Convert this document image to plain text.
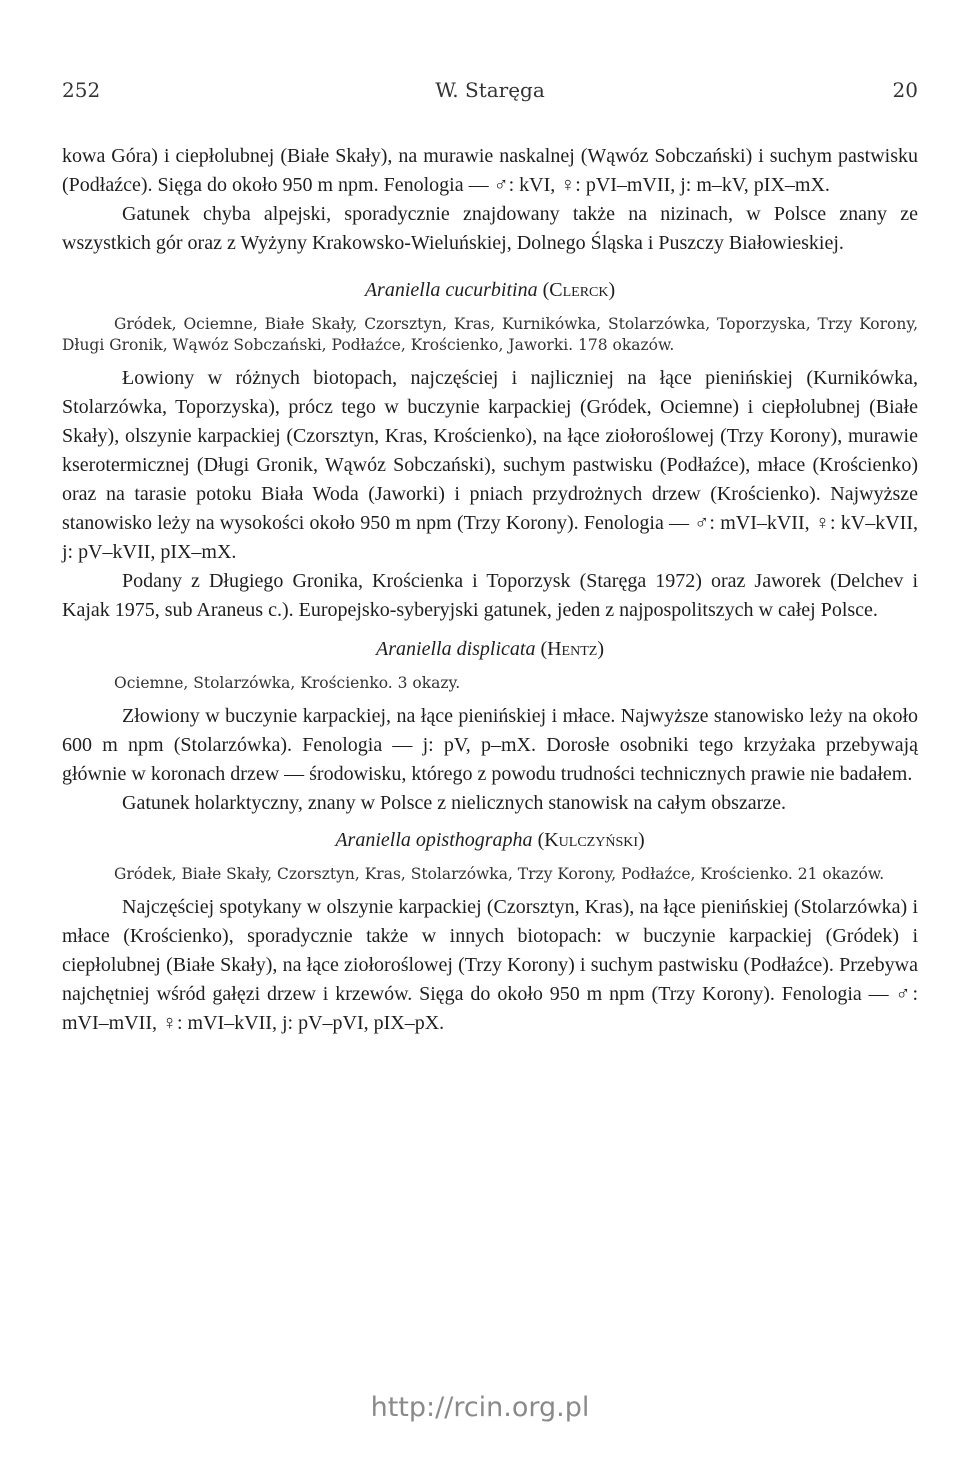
252	W. Staręga	20

kowa Góra) i ciepłolubnej (Białe Skały), na murawie naskalnej (Wąwóz Sobczański) i suchym pastwisku (Podłaźce). Sięga do około 950 m npm. Fenologia — ♂: kVI, ♀: pVI–mVII, j: m–kV, pIX–mX.

Gatunek chyba alpejski, sporadycznie znajdowany także na nizinach, w Polsce znany ze wszystkich gór oraz z Wyżyny Krakowsko-Wieluńskiej, Dolnego Śląska i Puszczy Białowieskiej.

Araniella cucurbitina (Clerck)

Gródek, Ociemne, Białe Skały, Czorsztyn, Kras, Kurnikówka, Stolarzówka, Toporzyska, Trzy Korony, Długi Gronik, Wąwóz Sobczański, Podłaźce, Krościenko, Jaworki. 178 okazów.

Łowiony w różnych biotopach, najczęściej i najliczniej na łące pienińskiej (Kurnikówka, Stolarzówka, Toporzyska), prócz tego w buczynie karpackiej (Gródek, Ociemne) i ciepłolubnej (Białe Skały), olszynie karpackiej (Czorsztyn, Kras, Krościenko), na łące ziołoroślowej (Trzy Korony), murawie kserotermicznej (Długi Gronik, Wąwóz Sobczański), suchym pastwisku (Podłaźce), młace (Krościenko) oraz na tarasie potoku Biała Woda (Jaworki) i pniach przydrożnych drzew (Krościenko). Najwyższe stanowisko leży na wysokości około 950 m npm (Trzy Korony). Fenologia — ♂: mVI–kVII, ♀: kV–kVII, j: pV–kVII, pIX–mX.

Podany z Długiego Gronika, Krościenka i Toporzysk (Staręga 1972) oraz Jaworek (Delchev i Kajak 1975, sub Araneus c.). Europejsko-syberyjski gatunek, jeden z najpospolitszych w całej Polsce.

Araniella displicata (Hentz)

Ociemne, Stolarzówka, Krościenko. 3 okazy.

Złowiony w buczynie karpackiej, na łące pienińskiej i młace. Najwyższe stanowisko leży na około 600 m npm (Stolarzówka). Fenologia — j: pV, p–mX. Dorosłe osobniki tego krzyżaka przebywają głównie w koronach drzew — środowisku, którego z powodu trudności technicznych prawie nie badałem.

Gatunek holarktyczny, znany w Polsce z nielicznych stanowisk na całym obszarze.

Araniella opisthographa (Kulczyński)

Gródek, Białe Skały, Czorsztyn, Kras, Stolarzówka, Trzy Korony, Podłaźce, Krościenko. 21 okazów.

Najczęściej spotykany w olszynie karpackiej (Czorsztyn, Kras), na łące pienińskiej (Stolarzówka) i młace (Krościenko), sporadycznie także w innych biotopach: w buczynie karpackiej (Gródek) i ciepłolubnej (Białe Skały), na łące ziołoroślowej (Trzy Korony) i suchym pastwisku (Podłaźce). Przebywa najchętniej wśród gałęzi drzew i krzewów. Sięga do około 950 m npm (Trzy Korony). Fenologia — ♂: mVI–mVII, ♀: mVI–kVII, j: pV–pVI, pIX–pX.

http://rcin.org.pl
